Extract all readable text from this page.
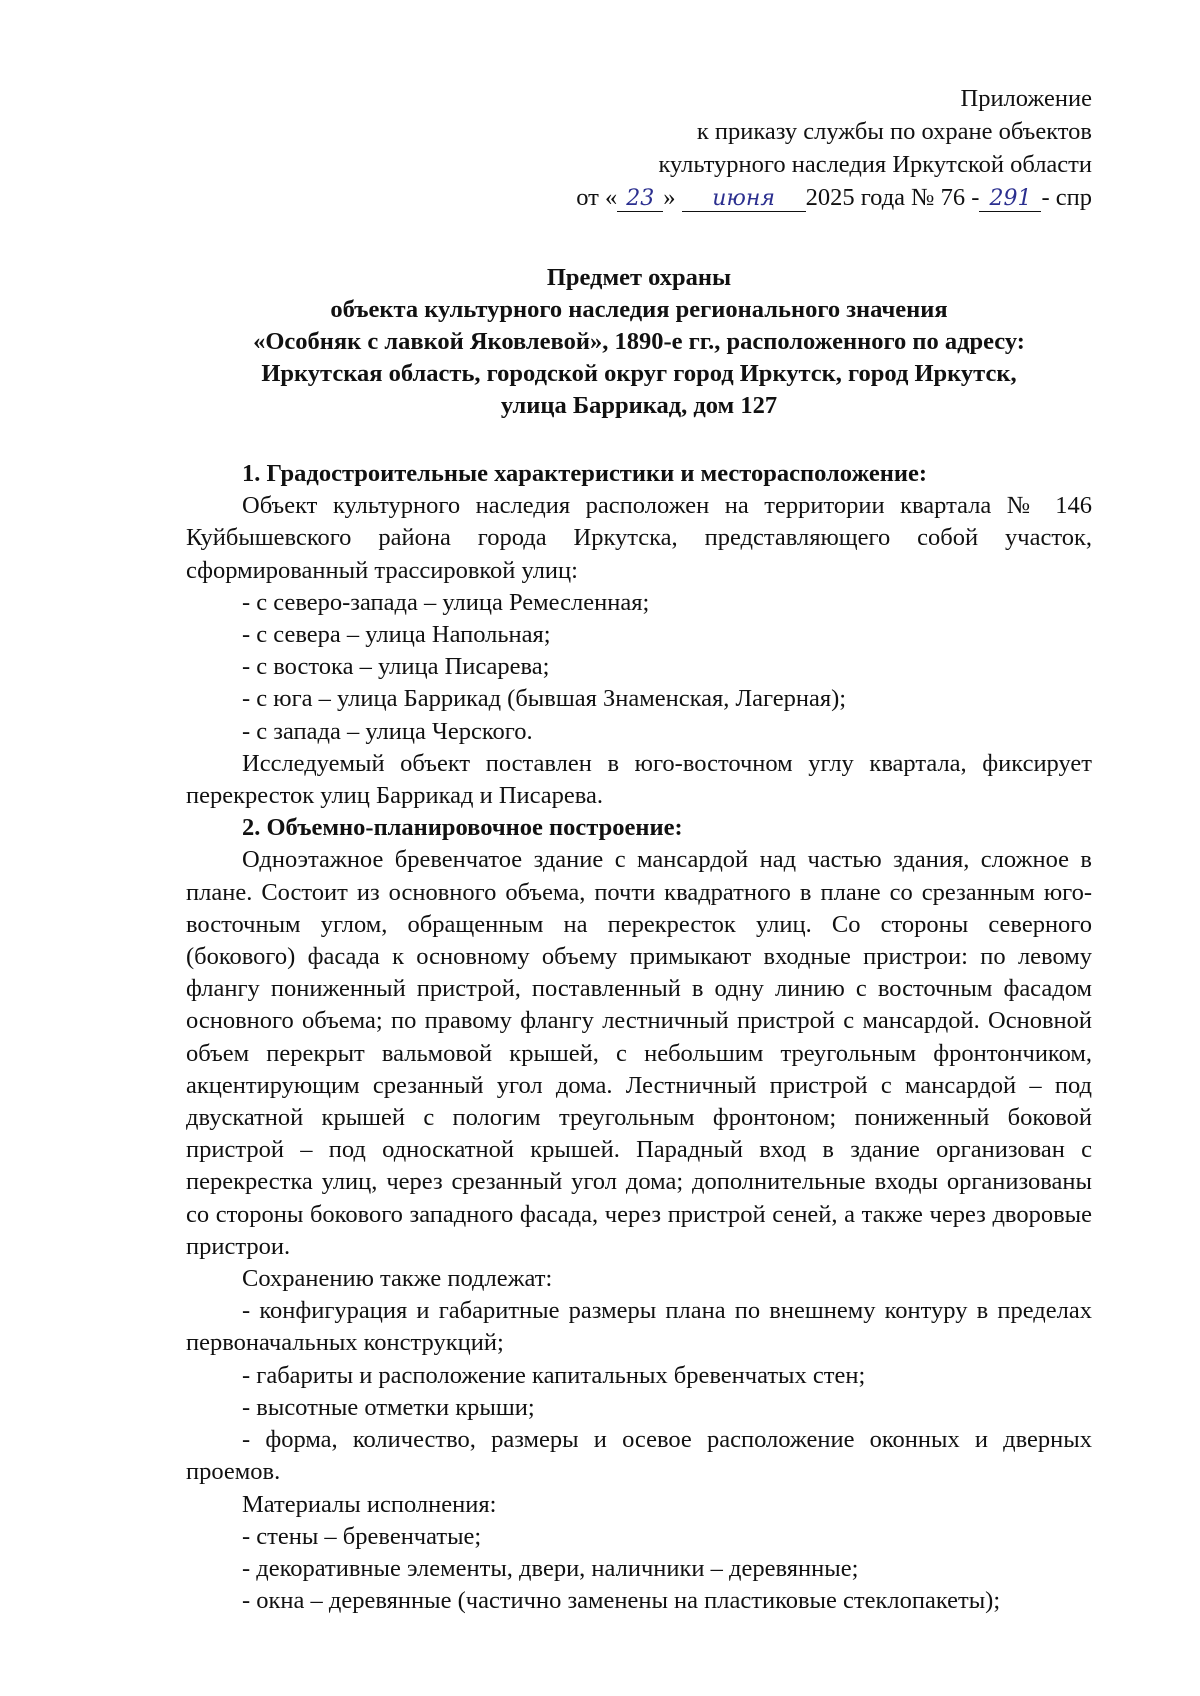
Приложение
к приказу службы по охране объектов
культурного наследия Иркутской области
от « 23 » июня 2025 года № 76 - 291 - спр
Предмет охраны
объекта культурного наследия регионального значения
«Особняк с лавкой Яковлевой», 1890-е гг., расположенного по адресу:
Иркутская область, городской округ город Иркутск, город Иркутск,
улица Баррикад, дом 127

1. Градостроительные характеристики и месторасположение:

Объект культурного наследия расположен на территории квартала № 146 Куйбышевского района города Иркутска, представляющего собой участок, сформированный трассировкой улиц:

- с северо-запада – улица Ремесленная;

- с севера – улица Напольная;

- с востока – улица Писарева;

- с юга – улица Баррикад (бывшая Знаменская, Лагерная);

- с запада – улица Черского.

Исследуемый объект поставлен в юго-восточном углу квартала, фиксирует перекресток улиц Баррикад и Писарева.

2. Объемно-планировочное построение:

Одноэтажное бревенчатое здание с мансардой над частью здания, сложное в плане. Состоит из основного объема, почти квадратного в плане со срезанным юго-восточным углом, обращенным на перекресток улиц. Со стороны северного (бокового) фасада к основному объему примыкают входные пристрои: по левому флангу пониженный пристрой, поставленный в одну линию с восточным фасадом основного объема; по правому флангу лестничный пристрой с мансардой. Основной объем перекрыт вальмовой крышей, с небольшим треугольным фронтончиком, акцентирующим срезанный угол дома. Лестничный пристрой с мансардой – под двускатной крышей с пологим треугольным фронтоном; пониженный боковой пристрой – под односкатной крышей. Парадный вход в здание организован с перекрестка улиц, через срезанный угол дома; дополнительные входы организованы со стороны бокового западного фасада, через пристрой сеней, а также через дворовые пристрои.

Сохранению также подлежат:

- конфигурация и габаритные размеры плана по внешнему контуру в пределах первоначальных конструкций;

- габариты и расположение капитальных бревенчатых стен;

- высотные отметки крыши;

- форма, количество, размеры и осевое расположение оконных и дверных проемов.

Материалы исполнения:

- стены – бревенчатые;

- декоративные элементы, двери, наличники – деревянные;

- окна – деревянные (частично заменены на пластиковые стеклопакеты);
